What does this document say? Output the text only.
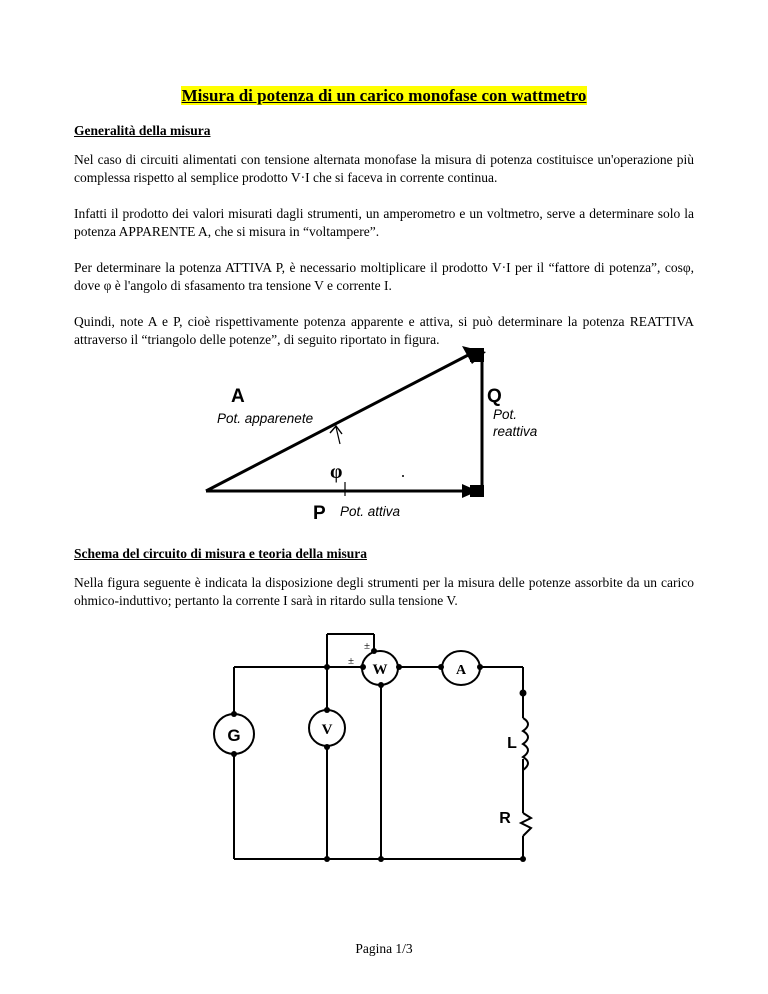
Misura di potenza di un carico monofase con wattmetro
Generalità della misura
Nel caso di circuiti alimentati con tensione alternata monofase la misura di potenza costituisce un'operazione più complessa rispetto al semplice prodotto V·I che si faceva in corrente continua.
Infatti il prodotto dei valori misurati dagli strumenti, un amperometro e un voltmetro, serve a determinare solo la potenza APPARENTE A, che si misura in “voltampere”.
Per determinare la potenza ATTIVA P, è necessario moltiplicare il prodotto V·I per il “fattore di potenza”, cosφ, dove φ è l'angolo di sfasamento tra tensione V e corrente I.
Quindi, note A e P, cioè rispettivamente potenza apparente e attiva, si può determinare la potenza REATTIVA attraverso il “triangolo delle potenze”, di seguito riportato in figura.
A
Pot. apparenete
Q
Pot.
reattiva
φ
P Pot. attiva
Schema del circuito di misura e teoria della misura
Nella figura seguente è indicata la disposizione degli strumenti per la misura delle potenze assorbite da un carico ohmico-induttivo; pertanto la corrente I sarà in ritardo sulla tensione V.
G	V
W	A
L
R
±
±
Pagina 1/3
